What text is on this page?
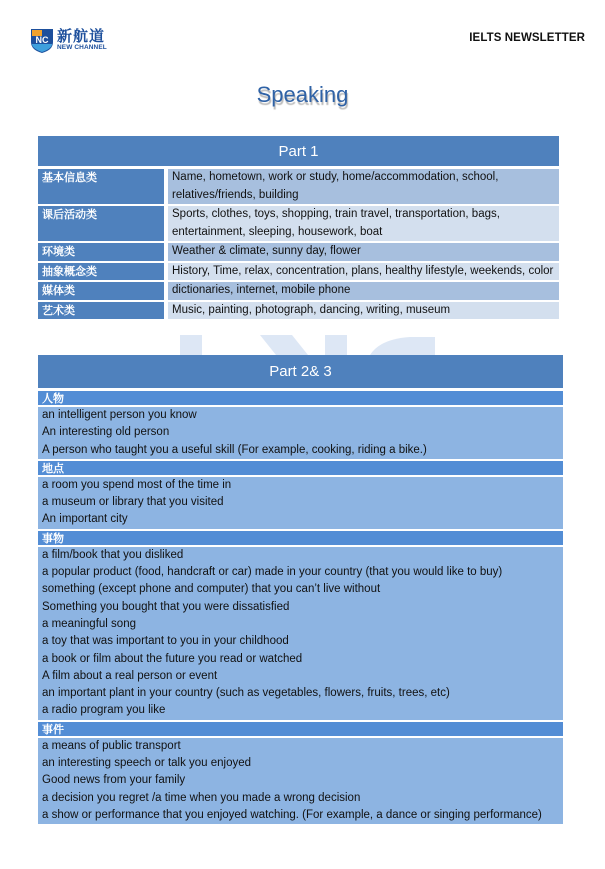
NC 新航道
NEW CHANNEL
IELTS NEWSLETTER
Speaking
Part 1
基本信息类	Name, hometown, work or study, home/accommodation, school, relatives/friends, building
课后活动类	Sports, clothes, toys, shopping, train travel, transportation, bags, entertainment, sleeping, housework, boat
环境类	Weather & climate, sunny day, flower
抽象概念类	History, Time, relax, concentration, plans, healthy lifestyle, weekends, color
媒体类	dictionaries, internet, mobile phone
艺术类	Music, painting, photograph, dancing, writing, museum
Part 2& 3
人物
an intelligent person you know
An interesting old person
A person who taught you a useful skill (For example, cooking, riding a bike.)
地点
a room you spend most of the time in
a museum or library that you visited
An important city
事物
a film/book that you disliked
a popular product (food, handcraft or car) made in your country (that you would like to buy)
something (except phone and computer) that you can’t live without
Something you bought that you were dissatisfied
a meaningful song
a toy that was important to you in your childhood
a book or film about the future you read or watched
A film about a real person or event
an important plant in your country (such as vegetables, flowers, fruits, trees, etc)
a radio program you like
事件
a means of public transport
an interesting speech or talk you enjoyed
Good news from your family
a decision you regret /a time when you made a wrong decision
a show or performance that you enjoyed watching. (For example, a dance or singing performance)
